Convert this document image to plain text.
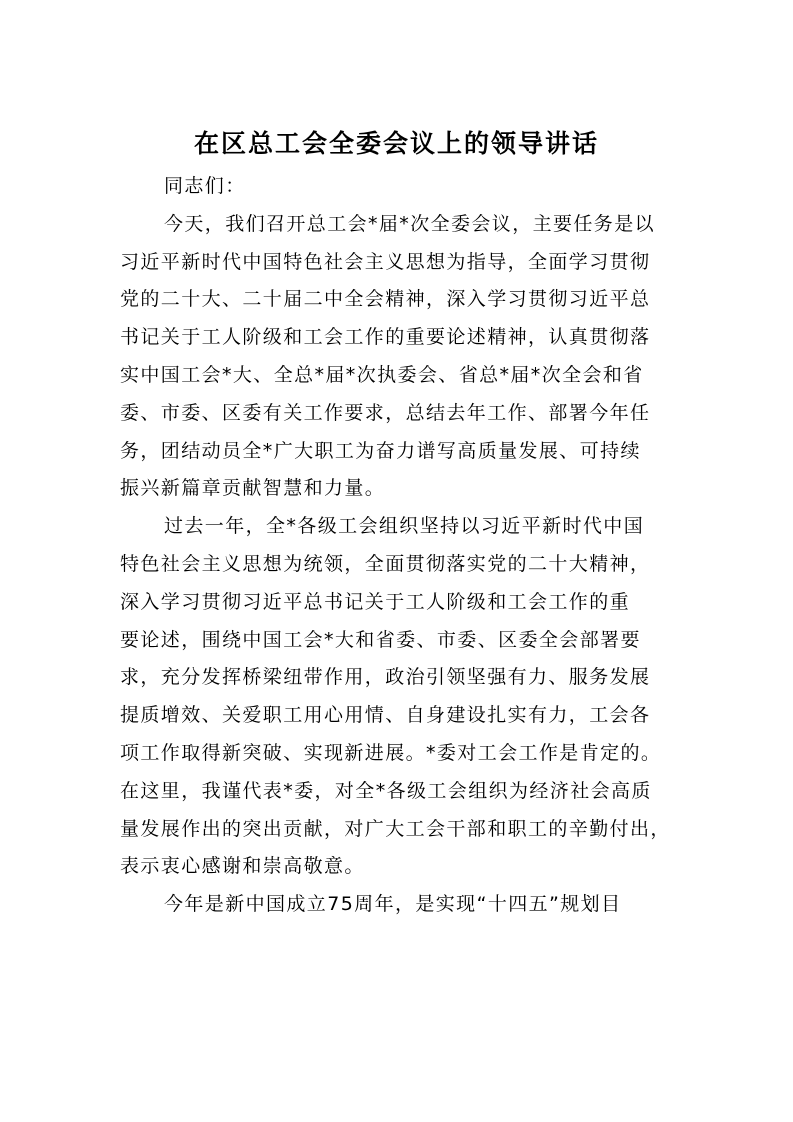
在区总工会全委会议上的领导讲话
同志们：
今天，我们召开总工会*届*次全委会议，主要任务是以
习近平新时代中国特色社会主义思想为指导，全面学习贯彻
党的二十大、二十届二中全会精神，深入学习贯彻习近平总
书记关于工人阶级和工会工作的重要论述精神，认真贯彻落
实中国工会*大、全总*届*次执委会、省总*届*次全会和省
委、市委、区委有关工作要求，总结去年工作、部署今年任
务，团结动员全*广大职工为奋力谱写高质量发展、可持续
振兴新篇章贡献智慧和力量。
过去一年，全*各级工会组织坚持以习近平新时代中国
特色社会主义思想为统领，全面贯彻落实党的二十大精神，
深入学习贯彻习近平总书记关于工人阶级和工会工作的重
要论述，围绕中国工会*大和省委、市委、区委全会部署要
求，充分发挥桥梁纽带作用，政治引领坚强有力、服务发展
提质增效、关爱职工用心用情、自身建设扎实有力，工会各
项工作取得新突破、实现新进展。*委对工会工作是肯定的。
在这里，我谨代表*委，对全*各级工会组织为经济社会高质
量发展作出的突出贡献，对广大工会干部和职工的辛勤付出，
表示衷心感谢和崇高敬意。
今年是新中国成立75周年，是实现“十四五”规划目
